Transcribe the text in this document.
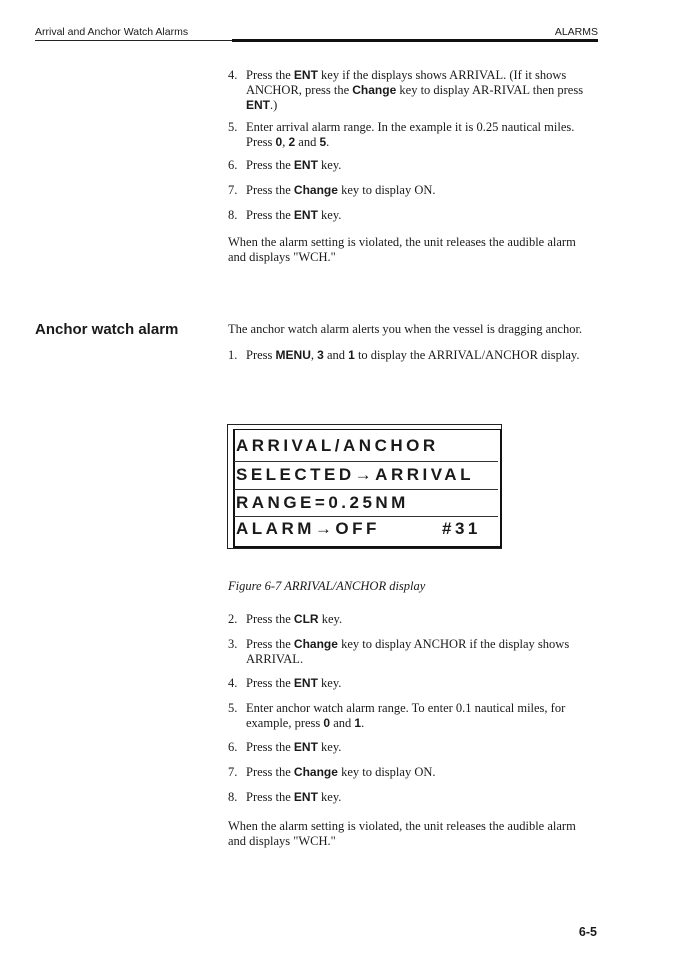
Arrival and Anchor Watch Alarms	ALARMS
4. Press the ENT key if the displays shows ARRIVAL. (If it shows ANCHOR, press the Change key to display AR-RIVAL then press ENT.)
5. Enter arrival alarm range. In the example it is 0.25 nautical miles. Press 0, 2 and 5.
6. Press the ENT key.
7. Press the Change key to display ON.
8. Press the ENT key.

When the alarm setting is violated, the unit releases the audible alarm and displays "WCH."

Anchor watch alarm	The anchor watch alarm alerts you when the vessel is dragging anchor.

1. Press MENU, 3 and 1 to display the ARRIVAL/ANCHOR display.
ARRIVAL/ANCHOR
SELECTED→ARRIVAL
RANGE=0.25NM
ALARM→OFF	#31
Figure 6-7 ARRIVAL/ANCHOR display
2. Press the CLR key.
3. Press the Change key to display ANCHOR if the display shows ARRIVAL.
4. Press the ENT key.
5. Enter anchor watch alarm range. To enter 0.1 nautical miles, for example, press 0 and 1.
6. Press the ENT key.
7. Press the Change key to display ON.
8. Press the ENT key.

When the alarm setting is violated, the unit releases the audible alarm and displays "WCH."

6-5
